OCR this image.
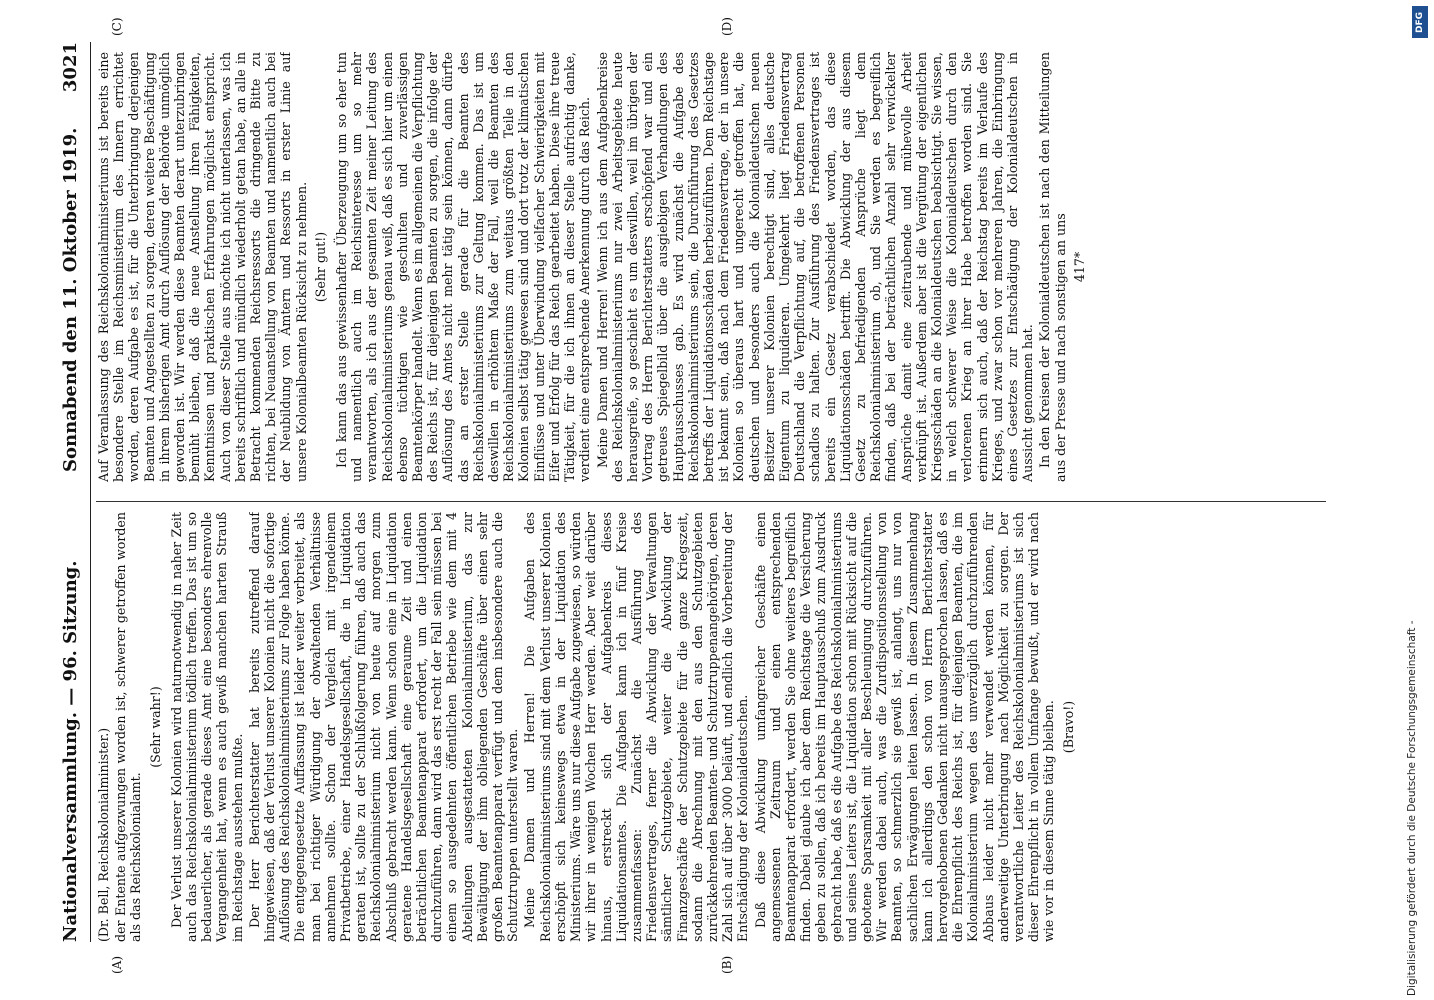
Nationalversammlung. — 96. Sitzung.
Sonnabend den 11. Oktober 1919.
3021
(A)	(B)
(C)	(D)

(Dr. Bell, Reichskolonialminister.) der Entente aufgezwungen worden ist, schwerer getroffen worden als das Reichskolonialamt.

(Sehr wahr!) Der Verlust unserer Kolonien wird naturnotwendig in naher Zeit auch das Reichskolonialministerium tödlich treffen. Das ist um so bedauerlicher, als gerade dieses Amt eine besonders ehrenvolle Vergangenheit hat, wenn es auch gewiß manchen harten Strauß im Reichstage ausstehen mußte. Der Herr Berichterstatter hat bereits zutreffend darauf hingewiesen, daß der Verlust unserer Kolonien nicht die sofortige Auflösung des Reichskolonialministeriums zur Folge haben könne. Die entgegengesetzte Auffassung ist leider weiter verbreitet, als man bei richtiger Würdigung der obwaltenden Verhältnisse annehmen sollte. Schon der Vergleich mit irgendeinem Privatbetriebe, einer Handelsgesellschaft, die in Liquidation geraten ist, sollte zu der Schlußfolgerung führen, daß auch das Reichskolonialministerium nicht von heute auf morgen zum Abschluß gebracht werden kann. Wenn schon eine in Liquidation geratene Handelsgesellschaft eine geraume Zeit und einen beträchtlichen Beamtenapparat erfordert, um die Liquidation durchzuführen, dann wird das erst recht der Fall sein müssen bei einem so ausgedehnten öffentlichen Betriebe wie dem mit 4 Abteilungen ausgestatteten Kolonialministerium, das zur Bewältigung der ihm obliegenden Geschäfte über einen sehr großen Beamtenapparat verfügt und dem insbesondere auch die Schutztruppen unterstellt waren. Meine Damen und Herren! Die Aufgaben des Reichskolonialministeriums sind mit dem Verlust unserer Kolonien erschöpft sich keineswegs etwa in der Liquidation des Ministeriums. Wäre uns nur diese Aufgabe zugewiesen, so würden wir ihrer in wenigen Wochen Herr werden. Aber weit darüber hinaus, erstreckt sich der Aufgabenkreis dieses Liquidationsamtes. Die Aufgaben kann ich in fünf Kreise zusammenfassen: Zunächst die Ausführung des Friedensvertrages, ferner die Abwicklung der Verwaltungen sämtlicher Schutzgebiete, weiter die Abwicklung der Finanzgeschäfte der Schutzgebiete für die ganze Kriegszeit, sodann die Abrechnung mit den aus den Schutzgebieten zurückkehrenden Beamten- und Schutztruppenangehörigen, deren Zahl sich auf über 3000 beläuft, und endlich die Vorbereitung der Entschädigung der Kolonialdeutschen. Daß diese Abwicklung umfangreicher Geschäfte einen angemessenen Zeitraum und einen entsprechenden Beamtenapparat erfordert, werden Sie ohne weiteres begreiflich finden. Dabei glaube ich aber dem Reichstage die Versicherung geben zu sollen, daß ich bereits im Hauptausschuß zum Ausdruck gebracht habe, daß es die Aufgabe des Reichskolonialministeriums und seines Leiters ist, die Liquidation schon mit Rücksicht auf die gebotene Sparsamkeit mit aller Beschleunigung durchzuführen. Wir werden dabei auch, was die Zurdispositionsstellung von Beamten, so schmerzlich sie gewiß ist, anlangt, uns nur von sachlichen Erwägungen leiten lassen. In diesem Zusammenhang kann ich allerdings den schon von Herrn Berichterstatter hervorgehobenen Gedanken nicht unausgesprochen lassen, daß es die Ehrenpflicht des Reichs ist, für diejenigen Beamten, die im Kolonialministerium wegen des unverzüglich durchzuführenden Abbaus leider nicht mehr verwendet werden können, für anderweitige Unterbringung nach Möglichkeit zu sorgen. Der verantwortliche Leiter des Reichskolonialministeriums ist sich dieser Ehrenpflicht in vollem Umfange bewußt, und er wird nach wie vor in diesem Sinne tätig bleiben. (Bravo!)

Auf Veranlassung des Reichskolonialministeriums ist bereits eine besondere Stelle im Reichsministerium des Innern errichtet worden, deren Aufgabe es ist, für die Unterbringung derjenigen Beamten und Angestellten zu sorgen, deren weitere Beschäftigung in ihrem bisherigen Amt durch Auflösung der Behörde unmöglich geworden ist. Wir werden diese Beamten derart unterzubringen bemüht bleiben, daß die neue Anstellung ihren Fähigkeiten, Kenntnissen und praktischen Erfahrungen möglichst entspricht. Auch von dieser Stelle aus möchte ich nicht unterlassen, was ich bereits schriftlich und mündlich wiederholt getan habe, an alle in Betracht kommenden Reichsressorts die dringende Bitte zu richten, bei Neuanstellung von Beamten und namentlich auch bei der Neubildung von Ämtern und Ressorts in erster Linie auf unsere Kolonialbeamten Rücksicht zu nehmen. (Sehr gut!) Ich kann das aus gewissenhafter Überzeugung um so eher tun und namentlich auch im Reichsinteresse um so mehr verantworten, als ich aus der gesamten Zeit meiner Leitung des Reichskolonialministeriums genau weiß, daß es sich hier um einen ebenso tüchtigen wie geschulten und zuverlässigen Beamtenkörper handelt. Wenn es im allgemeinen die Verpflichtung des Reichs ist, für diejenigen Beamten zu sorgen, die infolge der Auflösung des Amtes nicht mehr tätig sein können, dann dürfte das an erster Stelle gerade für die Beamten des Reichskolonialministeriums zur Geltung kommen. Das ist um deswillen in erhöhtem Maße der Fall, weil die Beamten des Reichskolonialministeriums zum weitaus größten Teile in den Kolonien selbst tätig gewesen sind und dort trotz der klimatischen Einflüsse und unter Überwindung vielfacher Schwierigkeiten mit Eifer und Erfolg für das Reich gearbeitet haben. Diese ihre treue Tätigkeit, für die ich ihnen an dieser Stelle aufrichtig danke, verdient eine entsprechende Anerkennung durch das Reich. Meine Damen und Herren! Wenn ich aus dem Aufgabenkreise des Reichskolonialministeriums nur zwei Arbeitsgebiete heute herausgreife, so geschieht es um deswillen, weil im übrigen der Vortrag des Herrn Berichterstatters erschöpfend war und ein getreues Spiegelbild über die ausgiebigen Verhandlungen des Hauptausschusses gab. Es wird zunächst die Aufgabe des Reichskolonialministeriums sein, die Durchführung des Gesetzes betreffs der Liquidationsschäden herbeizuführen. Dem Reichstage ist bekannt sein, daß nach dem Friedensvertrage, der in unsere Kolonien so überaus hart und ungerecht getroffen hat, die deutschen und besonders auch die Kolonialdeutschen neuen Besitzer unserer Kolonien berechtigt sind, alles deutsche Eigentum zu liquidieren. Umgekehrt liegt Friedensvertrag Deutschland die Verpflichtung auf, die betroffenen Personen schadlos zu halten. Zur Ausführung des Friedensvertrages ist bereits ein Gesetz verabschiedet worden, das diese Liquidationsschäden betrifft. Die Abwicklung der aus diesem Gesetz zu befriedigenden Ansprüche liegt dem Reichskolonialministerium ob, und Sie werden es begreiflich finden, daß bei der beträchtlichen Anzahl sehr verwickelter Ansprüche damit eine zeitraubende und mühevolle Arbeit verknüpft ist. Außerdem aber ist die Vergütung der eigentlichen Kriegsschäden an die Kolonialdeutschen beabsichtigt. Sie wissen, in welch schwerer Weise die Kolonialdeutschen durch den verlorenen Krieg an ihrer Habe betroffen worden sind. Sie erinnern sich auch, daß der Reichstag bereits im Verlaufe des Krieges, und zwar schon vor mehreren Jahren, die Einbringung eines Gesetzes zur Entschädigung der Kolonialdeutschen in Aussicht genommen hat. In den Kreisen der Kolonialdeutschen ist nach den Mitteilungen aus der Presse und nach sonstigen an uns 417*

Digitalisierung gefördert durch die Deutsche Forschungsgemeinschaft -
DFG
